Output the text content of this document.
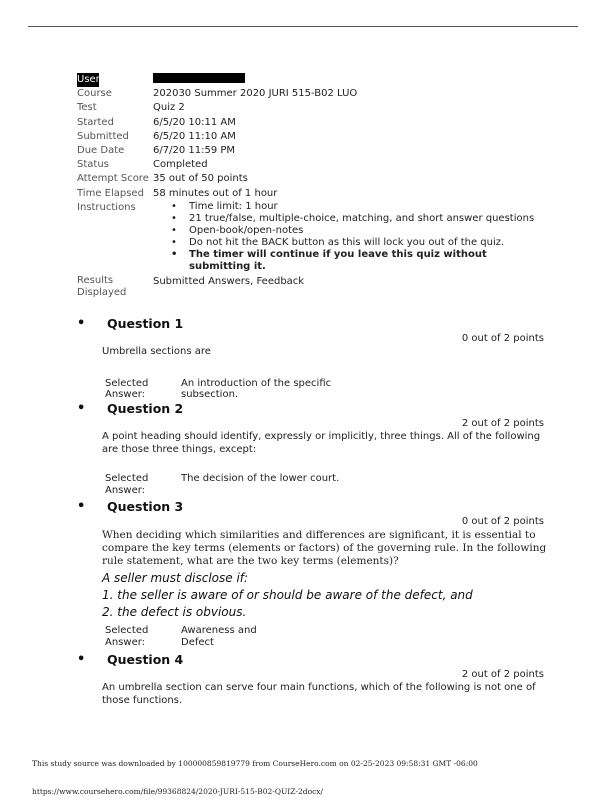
User
Course	202030 Summer 2020 JURI 515-B02 LUO
Test	Quiz 2
Started	6/5/20 10:11 AM
Submitted	6/5/20 11:10 AM
Due Date	6/7/20 11:59 PM
Status	Completed
Attempt Score 35 out of 50 points
Time Elapsed 58 minutes out of 1 hour
Instructions
•	Time limit: 1 hour
• 21 true/false, multiple-choice, matching, and short answer questions
• Open-book/open-notes
• Do not hit the BACK button as this will lock you out of the quiz.
• The timer will continue if you leave this quiz without submitting it.
Results Displayed
Submitted Answers, Feedback
•	Question 1
0 out of 2 points
Umbrella sections are
Selected Answer:
An introduction of the specific subsection.
•	Question 2
2 out of 2 points
A point heading should identify, expressly or implicitly, three things. All of the following are those three things, except:
Selected Answer:
The decision of the lower court.
•	Question 3
0 out of 2 points
When deciding which similarities and differences are significant, it is essential to compare the key terms (elements or factors) of the governing rule. In the following rule statement, what are the two key terms (elements)?
A seller must disclose if:
1. the seller is aware of or should be aware of the defect, and
2. the defect is obvious.
Selected Answer:
Awareness and Defect
•	Question 4
2 out of 2 points
An umbrella section can serve four main functions, which of the following is not one of those functions.
This study source was downloaded by 100000859819779 from CourseHero.com on 02-25-2023 09:58:31 GMT -06:00
https://www.coursehero.com/file/99368824/2020-JURI-515-B02-QUIZ-2docx/
